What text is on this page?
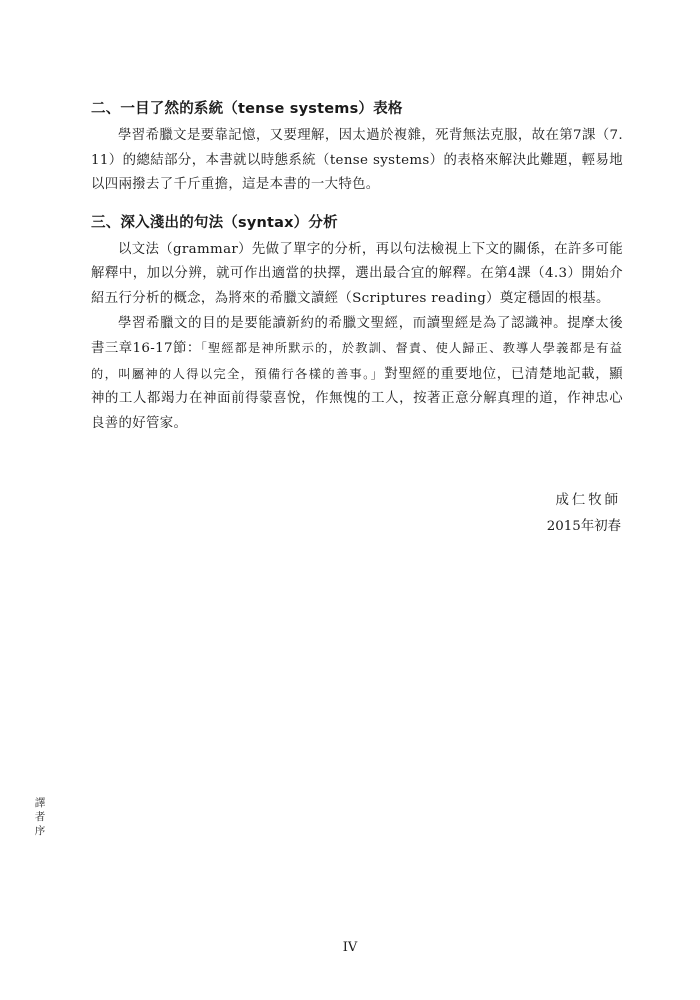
二、一目了然的系統（tense systems）表格

學習希臘文是要靠記憶，又要理解，因太過於複雜，死背無法克服，故在第7課（7.11）的總結部分，本書就以時態系統（tense systems）的表格來解決此難題，輕易地以四兩撥去了千斤重擔，這是本書的一大特色。

三、深入淺出的句法（syntax）分析

以文法（grammar）先做了單字的分析，再以句法檢視上下文的關係，在許多可能解釋中，加以分辨，就可作出適當的抉擇，選出最合宜的解釋。在第4課（4.3）開始介紹五行分析的概念，為將來的希臘文讀經（Scriptures reading）奠定穩固的根基。

學習希臘文的目的是要能讀新約的希臘文聖經，而讀聖經是為了認識神。提摩太後書三章16-17節：「聖經都是神所默示的，於教訓、督責、使人歸正、教導人學義都是有益的，叫屬神的人得以完全，預備行各樣的善事。」對聖經的重要地位，已清楚地記載，顯神的工人都竭力在神面前得蒙喜悅，作無愧的工人，按著正意分解真理的道，作神忠心良善的好管家。

成仁牧師
2015年初春
譯者序
IV
